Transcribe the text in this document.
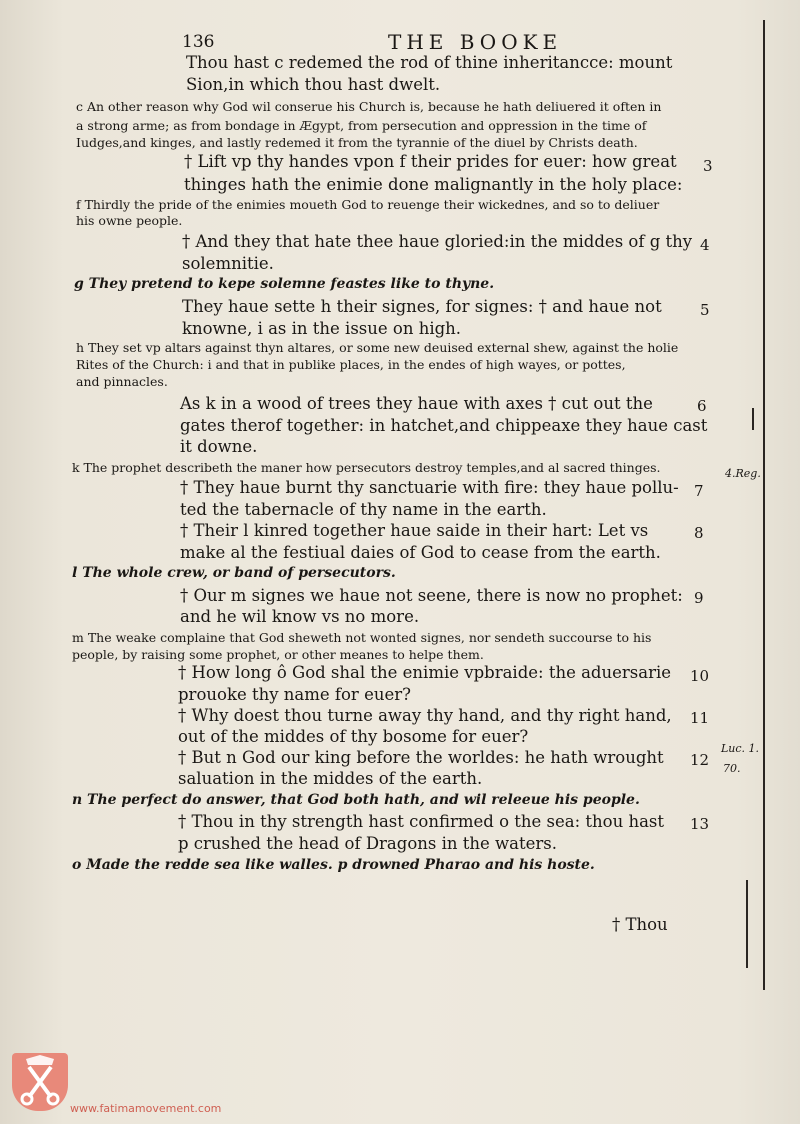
136	THE BOOKE
Thou hast c redemed the rod of thine inheritancce: mount
Sion,in which thou hast dwelt.
c An other reason why God wil conserue his Church is, because he hath deliuered it often in
a strong arme; as from bondage in Ægypt, from persecution and oppression in the time of
Iudges,and kinges, and lastly redemed it from the tyrannie of the diuel by Christs death.
† Lift vp thy handes vpon f their prides for euer: how great 3
thinges hath the enimie done malignantly in the holy place:
f Thirdly the pride of the enimies moueth God to reuenge their wickednes, and so to deliuer
his owne people.
† And they that hate thee haue gloried:in the middes of g thy 4
solemnitie.
g They pretend to kepe solemne feastes like to thyne.
They haue sette h their signes, for signes: † and haue not	5
knowne, i as in the issue on high.
h They set vp altars against thyn altares, or some new deuised external shew, against the holie
Rites of the Church: i and that in publike places, in the endes of high wayes, or pottes,
and pinnacles.
As k in a wood of trees they haue with axes † cut out the	6
gates therof together: in hatchet,and chippeaxe they haue cast
it downe.
k The prophet describeth the maner how persecutors destroy temples,and al sacred thinges.	4.Reg.
† They haue burnt thy sanctuarie with fire: they haue pollu- 7
ted the tabernacle of thy name in the earth.
† Their l kinred together haue saide in their hart: Let vs	8
make al the festiual daies of God to cease from the earth.
l The whole crew, or band of persecutors.
† Our m signes we haue not seene, there is now no prophet: 9
and he wil know vs no more.
m The weake complaine that God sheweth not wonted signes, nor sendeth succourse to his
people, by raising some prophet, or other meanes to helpe them.
† How long ô God shal the enimie vpbraide: the aduersarie 10
prouoke thy name for euer?
† Why doest thou turne away thy hand, and thy right hand, 11
out of the middes of thy bosome for euer?
† But n God our king before the worldes: he hath wrought 12
Luc. 1.
70.
saluation in the middes of the earth.
n The perfect do answer, that God both hath, and wil releeue his people.
† Thou in thy strength hast confirmed o the sea: thou hast 13
p crushed the head of Dragons in the waters.
o Made the redde sea like walles. p drowned Pharao and his hoste.
† Thou
www.fatimamovement.com
